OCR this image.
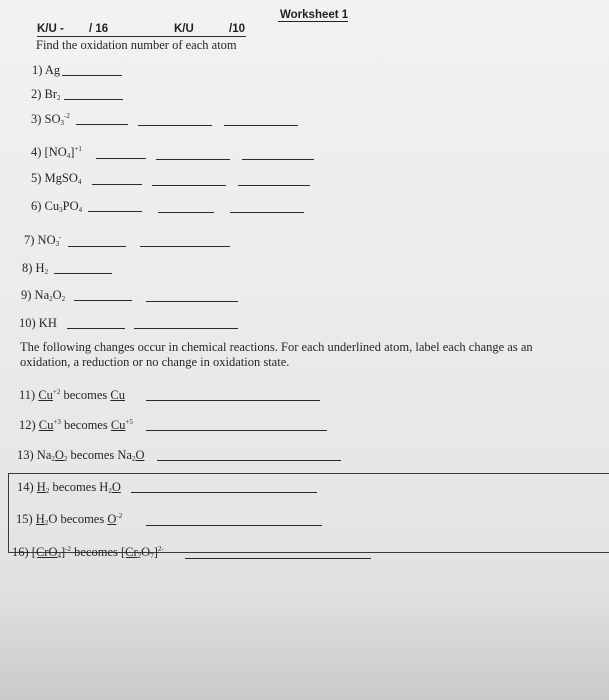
Worksheet 1
K/U - / 16	K/U	/10
Find the oxidation number of each atom
1) Ag
2) $Br_2$
3) $SO_3^{-2}$
4) $[NO_4]^{+1}$
5) MgSO$_4$
6) $Cu_3PO_4$
7) $NO_3^-$
8) $H_2$
9) $Na_2O_2$
10) KH
The following changes occur in chemical reactions. For each underlined atom, label each change as an
oxidation, a reduction or no change in oxidation state.
11) $Cu^{+2}$ becomes Cu
12) $Cu^{+3}$ becomes $Cu^{+5}$
13) $Na_2O_2$ becomes $Na_2O$
14) $H_2$ becomes $H_2O$
15) $H_2O$ becomes $O^{-2}$
16) $[CrO_4]^{-2}$ becomes $[Cr_2O_7]^{2-}$
